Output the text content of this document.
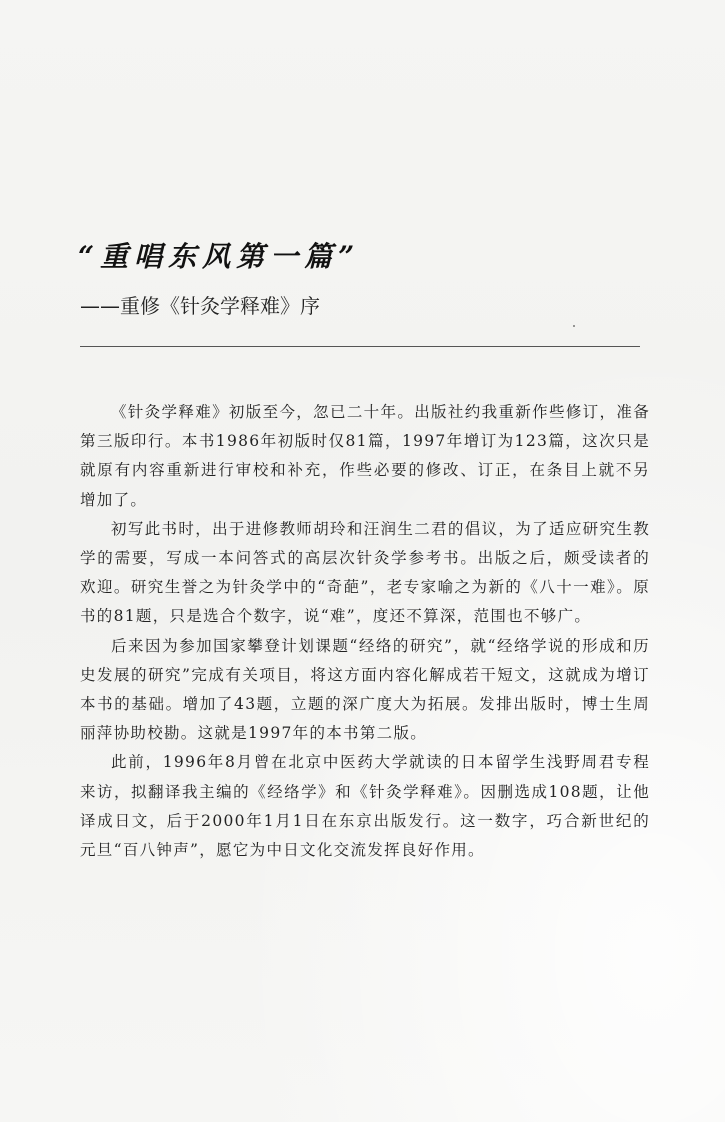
“重唱东风第一篇”
——重修《针灸学释难》序

《针灸学释难》初版至今，忽已二十年。出版社约我重新作些修订，准备第三版印行。本书1986年初版时仅81篇，1997年增订为123篇，这次只是就原有内容重新进行审校和补充，作些必要的修改、订正，在条目上就不另增加了。

初写此书时，出于进修教师胡玲和汪润生二君的倡议，为了适应研究生教学的需要，写成一本问答式的高层次针灸学参考书。出版之后，颇受读者的欢迎。研究生誉之为针灸学中的“奇葩”，老专家喻之为新的《八十一难》。原书的81题，只是选合个数字，说“难”，度还不算深，范围也不够广。

后来因为参加国家攀登计划课题“经络的研究”，就“经络学说的形成和历史发展的研究”完成有关项目，将这方面内容化解成若干短文，这就成为增订本书的基础。增加了43题，立题的深广度大为拓展。发排出版时，博士生周丽萍协助校勘。这就是1997年的本书第二版。

此前，1996年8月曾在北京中医药大学就读的日本留学生浅野周君专程来访，拟翻译我主编的《经络学》和《针灸学释难》。因删选成108题，让他译成日文，后于2000年1月1日在东京出版发行。这一数字，巧合新世纪的元旦“百八钟声”，愿它为中日文化交流发挥良好作用。
